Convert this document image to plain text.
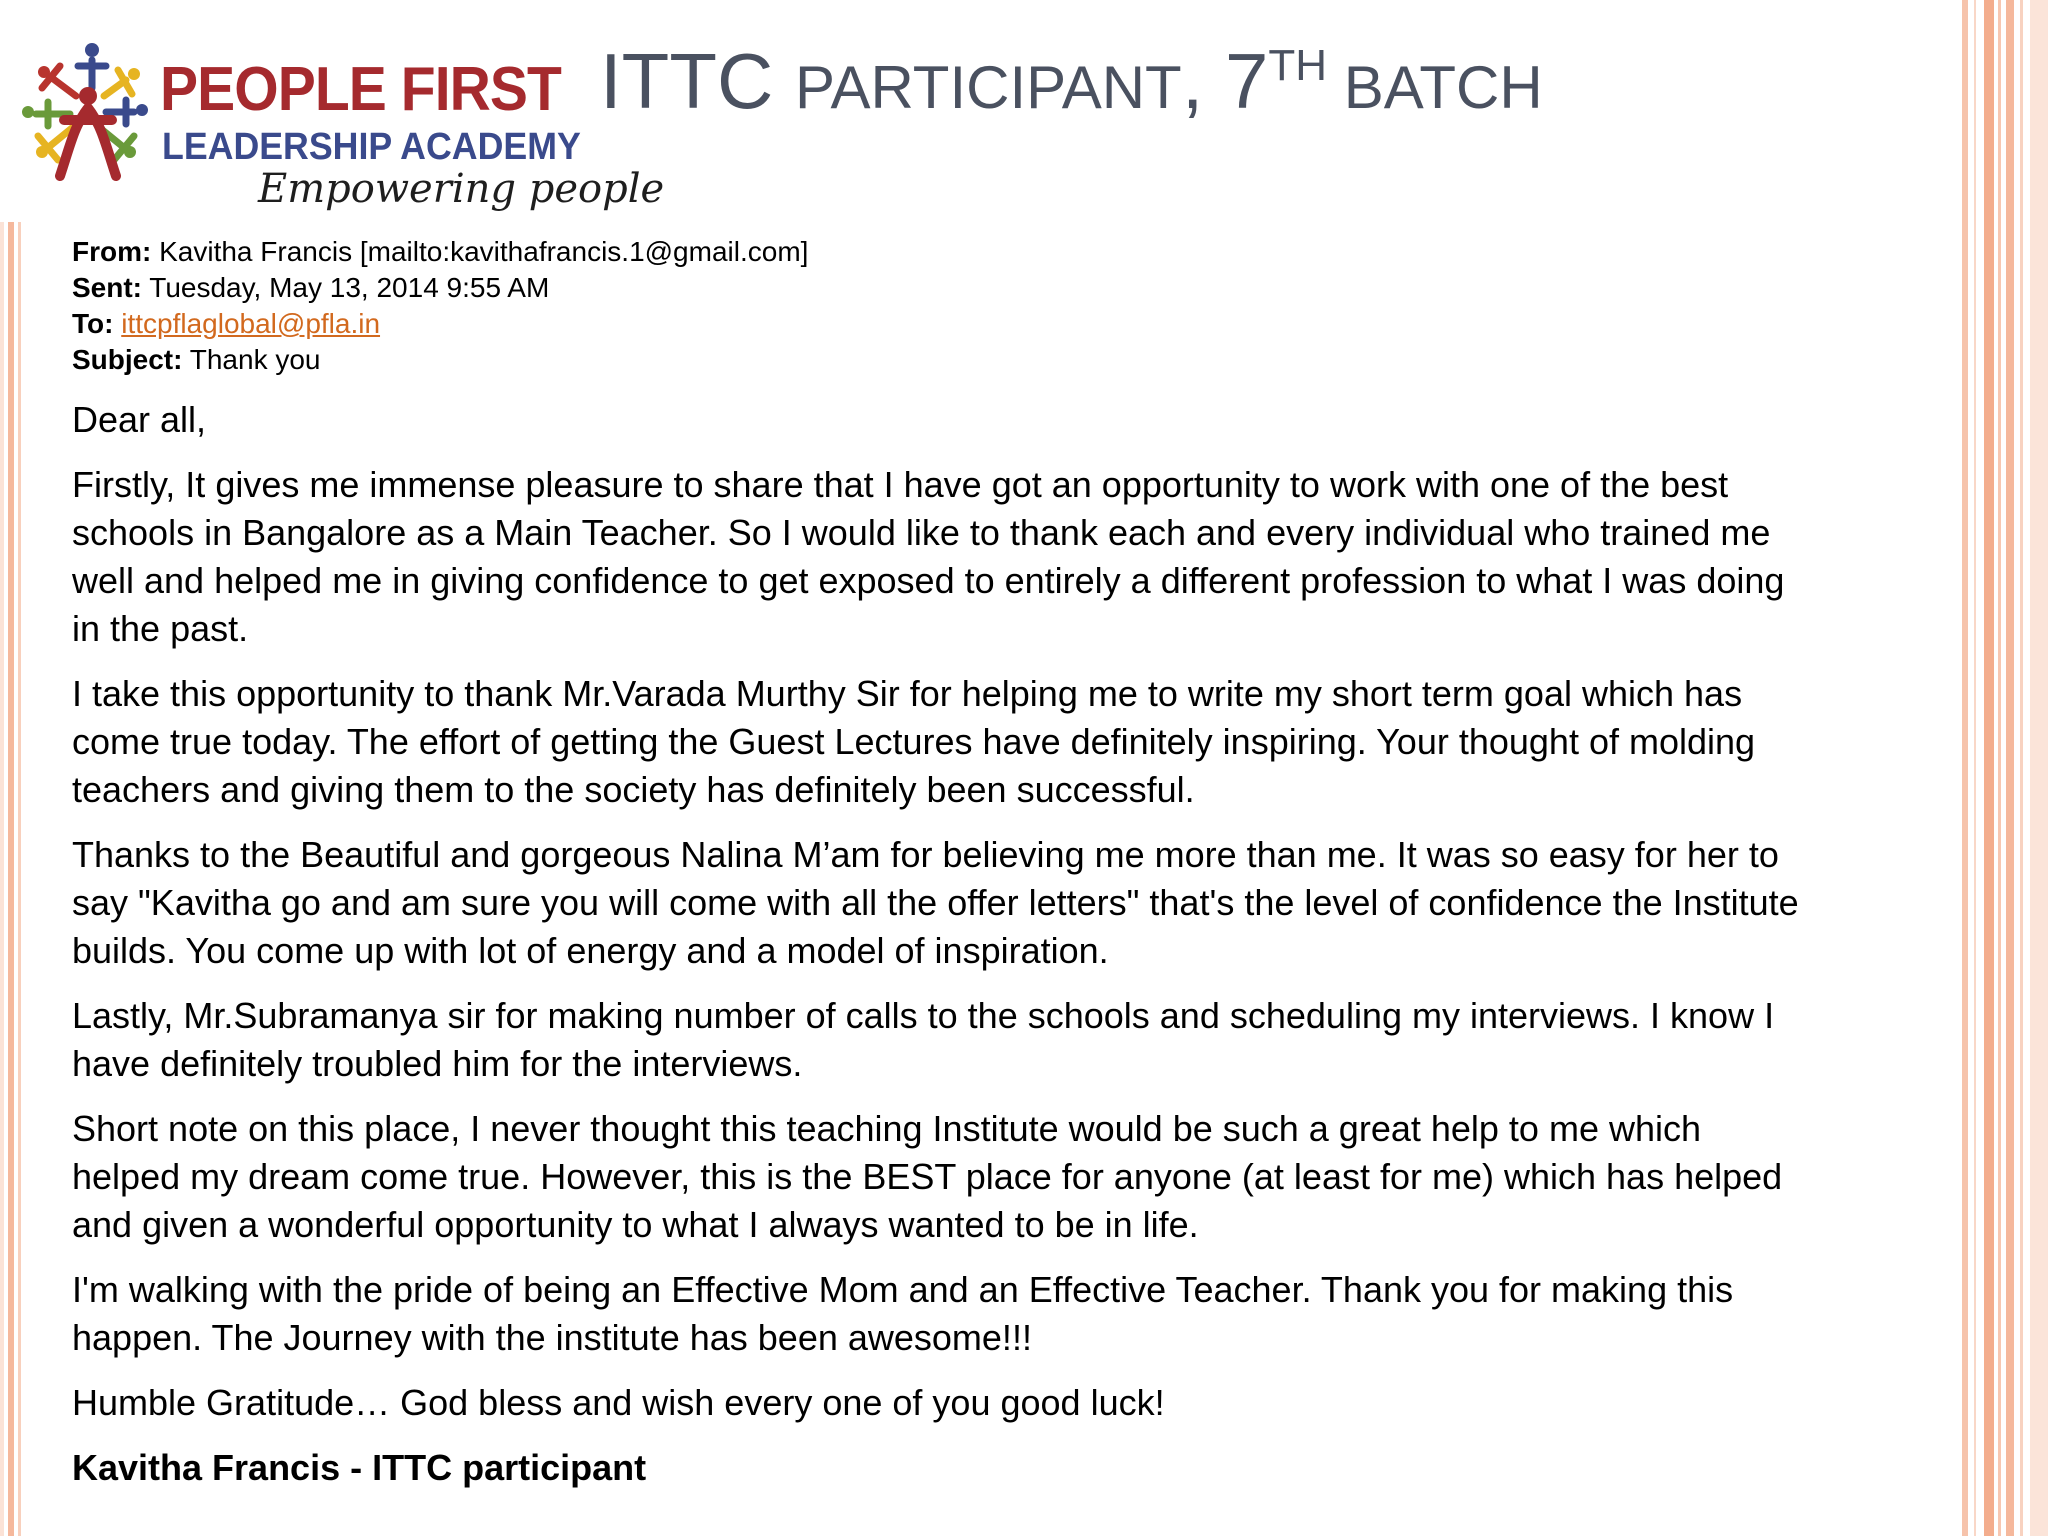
PEOPLE FIRST
LEADERSHIP ACADEMY
Empowering people
ITTC PARTICIPANT, 7TH BATCH
From: Kavitha Francis [mailto:kavithafrancis.1@gmail.com]
Sent: Tuesday, May 13, 2014 9:55 AM
To: ittcpflaglobal@pfla.in
Subject: Thank you

Dear all,

Firstly, It gives me immense pleasure to share that I have got an opportunity to work with one of the best
schools in Bangalore as a Main Teacher. So I would like to thank each and every individual who trained me
well and helped me in giving confidence to get exposed to entirely a different profession to what I was doing
in the past.

I take this opportunity to thank Mr.Varada Murthy Sir for helping me to write my short term goal which has
come true today. The effort of getting the Guest Lectures have definitely inspiring. Your thought of molding
teachers and giving them to the society has definitely been successful.

Thanks to the Beautiful and gorgeous Nalina M’am for believing me more than me. It was so easy for her to
say "Kavitha go and am sure you will come with all the offer letters" that's the level of confidence the Institute
builds. You come up with lot of energy and a model of inspiration.

Lastly, Mr.Subramanya sir for making number of calls to the schools and scheduling my interviews. I know I
have definitely troubled him for the interviews.

Short note on this place, I never thought this teaching Institute would be such a great help to me which
helped my dream come true. However, this is the BEST place for anyone (at least for me) which has helped
and given a wonderful opportunity to what I always wanted to be in life.

I'm walking with the pride of being an Effective Mom and an Effective Teacher. Thank you for making this
happen. The Journey with the institute has been awesome!!!

Humble Gratitude… God bless and wish every one of you good luck!

Kavitha Francis - ITTC participant
